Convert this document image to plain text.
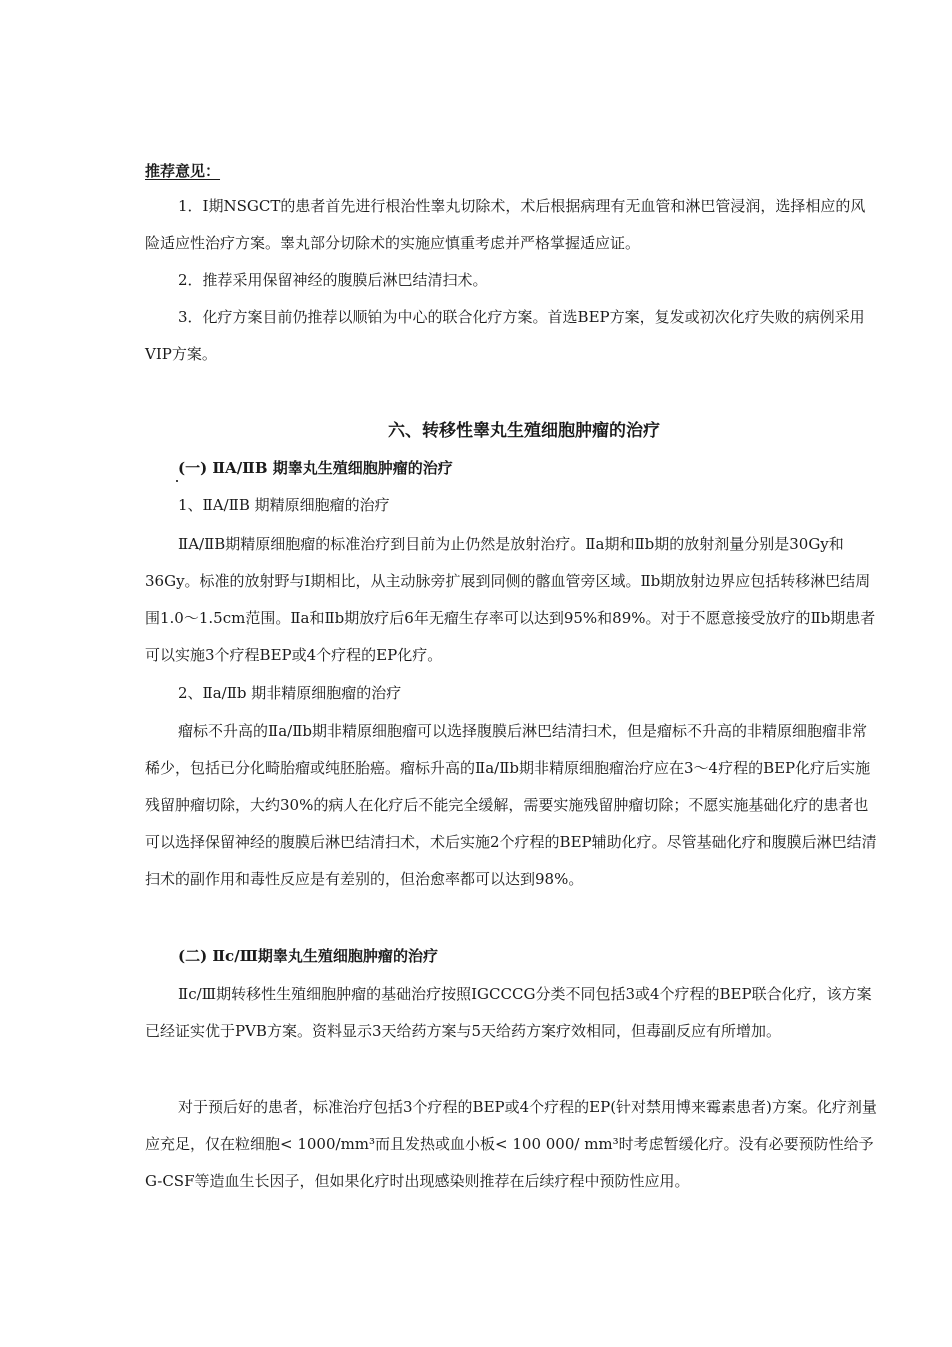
推荐意见：

1．Ⅰ期NSGCT的患者首先进行根治性睾丸切除术，术后根据病理有无血管和淋巴管浸润，选择相应的风险适应性治疗方案。睾丸部分切除术的实施应慎重考虑并严格掌握适应证。

2．推荐采用保留神经的腹膜后淋巴结清扫术。

3．化疗方案目前仍推荐以顺铂为中心的联合化疗方案。首选BEP方案，复发或初次化疗失败的病例采用VIP方案。

六、转移性睾丸生殖细胞肿瘤的治疗

(一) ⅡA/ⅡB 期睾丸生殖细胞肿瘤的治疗

1、ⅡA/ⅡB 期精原细胞瘤的治疗

ⅡA/ⅡB期精原细胞瘤的标准治疗到目前为止仍然是放射治疗。Ⅱa期和Ⅱb期的放射剂量分别是30Gy和36Gy。标准的放射野与Ⅰ期相比，从主动脉旁扩展到同侧的髂血管旁区域。Ⅱb期放射边界应包括转移淋巴结周围1.0～1.5cm范围。Ⅱa和Ⅱb期放疗后6年无瘤生存率可以达到95%和89%。对于不愿意接受放疗的Ⅱb期患者可以实施3个疗程BEP或4个疗程的EP化疗。

2、Ⅱa/Ⅱb 期非精原细胞瘤的治疗

瘤标不升高的Ⅱa/Ⅱb期非精原细胞瘤可以选择腹膜后淋巴结清扫术，但是瘤标不升高的非精原细胞瘤非常稀少，包括已分化畸胎瘤或纯胚胎癌。瘤标升高的Ⅱa/Ⅱb期非精原细胞瘤治疗应在3～4疗程的BEP化疗后实施残留肿瘤切除，大约30%的病人在化疗后不能完全缓解，需要实施残留肿瘤切除；不愿实施基础化疗的患者也可以选择保留神经的腹膜后淋巴结清扫术，术后实施2个疗程的BEP辅助化疗。尽管基础化疗和腹膜后淋巴结清扫术的副作用和毒性反应是有差别的，但治愈率都可以达到98%。

(二) Ⅱc/Ⅲ期睾丸生殖细胞肿瘤的治疗

Ⅱc/Ⅲ期转移性生殖细胞肿瘤的基础治疗按照IGCCCG分类不同包括3或4个疗程的BEP联合化疗，该方案已经证实优于PVB方案。资料显示3天给药方案与5天给药方案疗效相同，但毒副反应有所增加。

对于预后好的患者，标准治疗包括3个疗程的BEP或4个疗程的EP(针对禁用博来霉素患者)方案。化疗剂量应充足，仅在粒细胞< 1000/mm³而且发热或血小板< 100 000/ mm³时考虑暂缓化疗。没有必要预防性给予G-CSF等造血生长因子，但如果化疗时出现感染则推荐在后续疗程中预防性应用。
